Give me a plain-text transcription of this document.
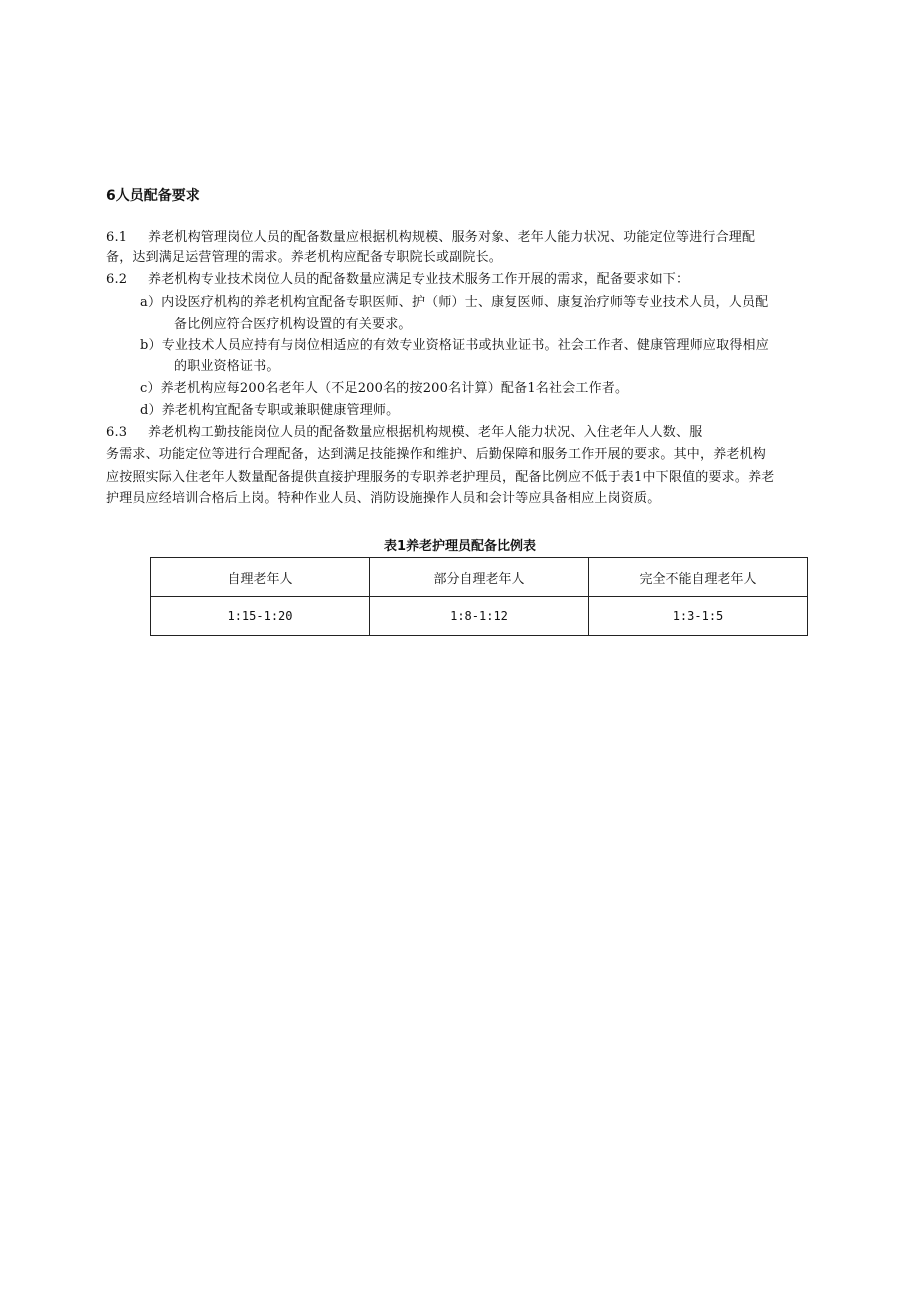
6人员配备要求
6.1 养老机构管理岗位人员的配备数量应根据机构规模、服务对象、老年人能力状况、功能定位等进行合理配
备，达到满足运营管理的需求。养老机构应配备专职院长或副院长。
6.2 养老机构专业技术岗位人员的配备数量应满足专业技术服务工作开展的需求，配备要求如下：
a）内设医疗机构的养老机构宜配备专职医师、护（师）士、康复医师、康复治疗师等专业技术人员，人员配
备比例应符合医疗机构设置的有关要求。
b）专业技术人员应持有与岗位相适应的有效专业资格证书或执业证书。社会工作者、健康管理师应取得相应
的职业资格证书。
c）养老机构应每200名老年人（不足200名的按200名计算）配备1名社会工作者。
d）养老机构宜配备专职或兼职健康管理师。
6.3 养老机构工勤技能岗位人员的配备数量应根据机构规模、老年人能力状况、入住老年人人数、服
务需求、功能定位等进行合理配备，达到满足技能操作和维护、后勤保障和服务工作开展的要求。其中，养老机构
应按照实际入住老年人数量配备提供直接护理服务的专职养老护理员，配备比例应不低于表1中下限值的要求。养老
护理员应经培训合格后上岗。特种作业人员、消防设施操作人员和会计等应具备相应上岗资质。
表1养老护理员配备比例表
自理老年人	部分自理老年人	完全不能自理老年人
1:15-1:20	1:8-1:12	1:3-1:5
